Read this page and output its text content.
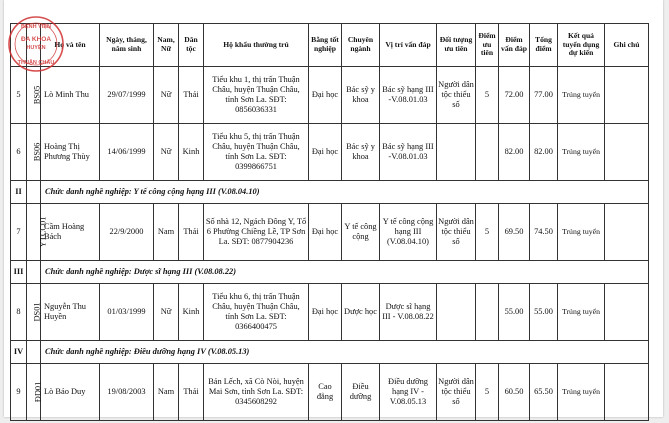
		Họ và tên	Ngày, tháng, năm sinh	Nam, Nữ	Dân tộc	Hộ khẩu thường trú	Bằng tốt nghiệp	Chuyên ngành	Vị trí vấn đáp	Đối tượng ưu tiên	Điểm ưu tiên	Điểm vấn đáp	Tổng điểm	Kết quả tuyển dụng dự kiến	Ghi chú
5	BS05	Lò Minh Thu	29/07/1999	Nữ	Thái	Tiểu khu 1, thị trấn Thuận Châu, huyện Thuận Châu, tỉnh Sơn La. SĐT: 0856036331	Đại học	Bác sỹ y khoa	Bác sỹ hạng III -V.08.01.03	Người dân tộc thiểu số	5	72.00	77.00	Trúng tuyển	
6	BS06	Hoàng Thị Phương Thùy	14/06/1999	Nữ	Kinh	Tiểu khu 5, thị trấn Thuận Châu, huyện Thuận Châu, tỉnh Sơn La. SĐT: 0399866751	Đại học	Bác sỹ y khoa	Bác sỹ hạng III -V.08.01.03			82.00	82.00	Trúng tuyển	
II		Chức danh nghề nghiệp: Y tế công cộng hạng III (V.08.04.10)													
7	YTCC01	Cầm Hoàng Bách	22/9/2000	Nam	Thái	Số nhà 12, Ngách Đông Y, Tổ 6 Phường Chiềng Lề, TP Sơn La. SĐT: 0877904236	Đại học	Y tế công cộng	Y tế công cộng hạng III (V.08.04.10)	Người dân tộc thiểu số	5	69.50	74.50	Trúng tuyển	
III		Chức danh nghề nghiệp: Dược sĩ hạng III (V.08.08.22)													
8	DS01	Nguyễn Thu Huyền	01/03/1999	Nữ	Kinh	Tiểu khu 6, thị trấn Thuận Châu, huyện Thuận Châu, tỉnh Sơn La. SĐT: 0366400475	Đại học	Dược học	Dược sĩ hạng III - V.08.08.22			55.00	55.00	Trúng tuyển	
IV		Chức danh nghề nghiệp: Điều dưỡng hạng IV (V.08.05.13)													
9	ĐD01	Lò Bảo Duy	19/08/2003	Nam	Thái	Bản Lếch, xã Cò Nòi, huyện Mai Sơn, tỉnh Sơn La. SĐT: 0345608292	Cao đẳng	Điều dưỡng	Điều dưỡng hạng IV - V.08.05.13	Người dân tộc thiểu số	5	60.50	65.50	Trúng tuyển	
BỆNH VIỆN
ĐA KHOA
HUYỆN
THUẬN CHÂU
